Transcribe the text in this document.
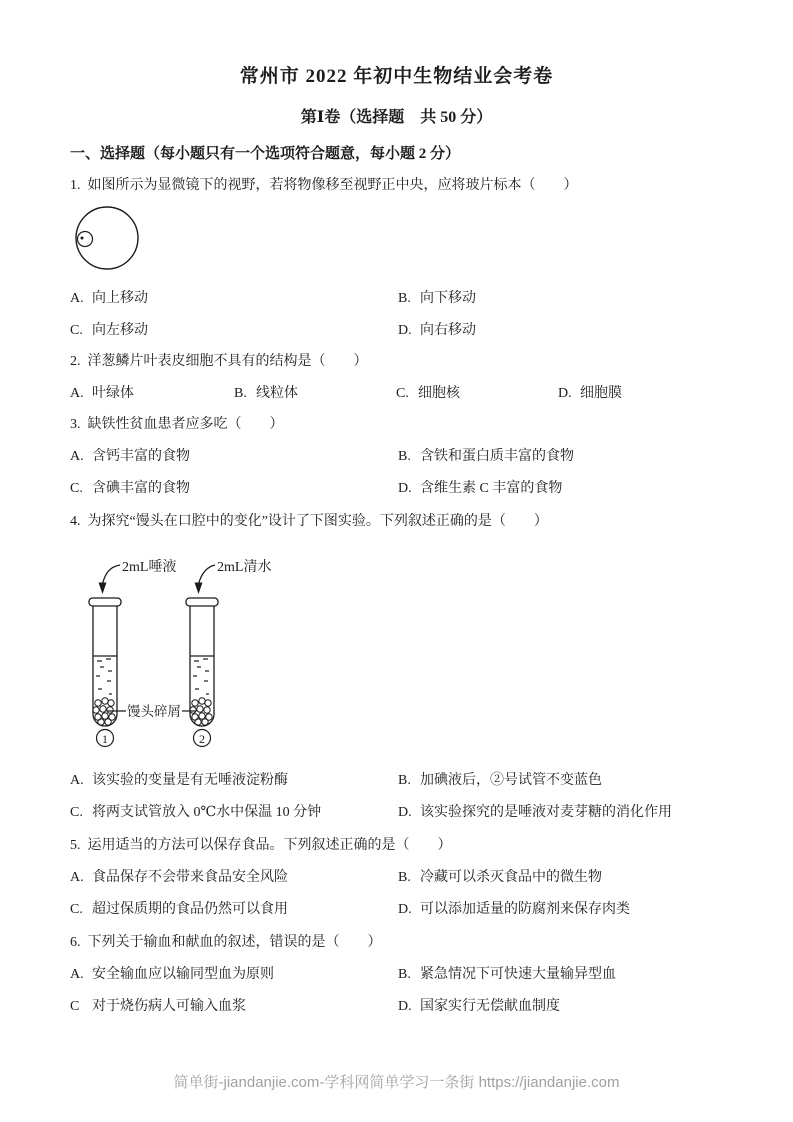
常州市 2022 年初中生物结业会考卷
第Ⅰ卷（选择题　共 50 分）
一、选择题（每小题只有一个选项符合题意，每小题 2 分）

1. 如图所示为显微镜下的视野，若将物像移至视野正中央，应将玻片标本（　　）

A. 向上移动	B. 向下移动
C. 向左移动	D. 向右移动

2. 洋葱鳞片叶表皮细胞不具有的结构是（　　）

A. 叶绿体	B. 线粒体	C. 细胞核	D. 细胞膜

3. 缺铁性贫血患者应多吃（　　）

A. 含钙丰富的食物	B. 含铁和蛋白质丰富的食物
C. 含碘丰富的食物	D. 含维生素 C 丰富的食物

4. 为探究“馒头在口腔中的变化”设计了下图实验。下列叙述正确的是（　　）

2mL唾液	2mL清水
馒头碎屑
1	2
A. 该实验的变量是有无唾液淀粉酶	B. 加碘液后，②号试管不变蓝色
C. 将两支试管放入 0℃水中保温 10 分钟	D. 该实验探究的是唾液对麦芽糖的消化作用

5. 运用适当的方法可以保存食品。下列叙述正确的是（　　）

A. 食品保存不会带来食品安全风险	B. 冷藏可以杀灭食品中的微生物
C. 超过保质期的食品仍然可以食用	D. 可以添加适量的防腐剂来保存肉类

6. 下列关于输血和献血的叙述，错误的是（　　）

A. 安全输血应以输同型血为原则	B. 紧急情况下可快速大量输异型血
C 对于烧伤病人可输入血浆	D. 国家实行无偿献血制度
简单街-jiandanjie.com-学科网简单学习一条街 https://jiandanjie.com
